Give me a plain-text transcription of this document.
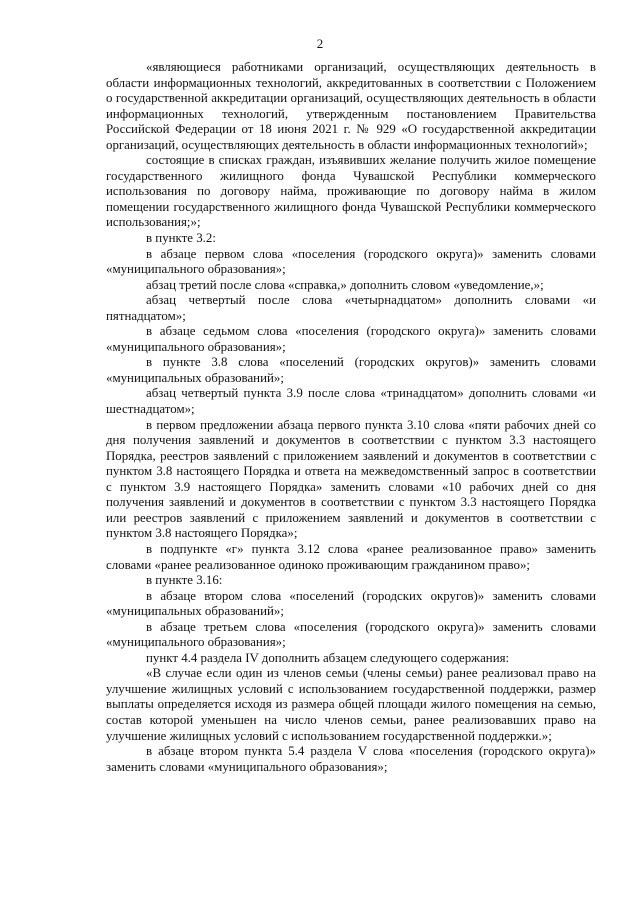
2

«являющиеся работниками организаций, осуществляющих деятельность в области информационных технологий, аккредитованных в соответствии с Положением о государственной аккредитации организаций, осуществляющих деятельность в области информационных технологий, утвержденным постановлением Правительства Российской Федерации от 18 июня 2021 г. № 929 «О государственной аккредитации организаций, осуществляющих деятельность в области информационных технологий»;

состоящие в списках граждан, изъявивших желание получить жилое помещение государственного жилищного фонда Чувашской Республики коммерческого использования по договору найма, проживающие по договору найма в жилом помещении государственного жилищного фонда Чувашской Республики коммерческого использования;»;

в пункте 3.2:

в абзаце первом слова «поселения (городского округа)» заменить словами «муниципального образования»;

абзац третий после слова «справка,» дополнить словом «уведомление,»;

абзац четвертый после слова «четырнадцатом» дополнить словами «и пятнадцатом»;

в абзаце седьмом слова «поселения (городского округа)» заменить словами «муниципального образования»;

в пункте 3.8 слова «поселений (городских округов)» заменить словами «муниципальных образований»;

абзац четвертый пункта 3.9 после слова «тринадцатом» дополнить словами «и шестнадцатом»;

в первом предложении абзаца первого пункта 3.10 слова «пяти рабочих дней со дня получения заявлений и документов в соответствии с пунктом 3.3 настоящего Порядка, реестров заявлений с приложением заявлений и документов в соответствии с пунктом 3.8 настоящего Порядка и ответа на межведомственный запрос в соответствии с пунктом 3.9 настоящего Порядка» заменить словами «10 рабочих дней со дня получения заявлений и документов в соответствии с пунктом 3.3 настоящего Порядка или реестров заявлений с приложением заявлений и документов в соответствии с пунктом 3.8 настоящего Порядка»;

в подпункте «г» пункта 3.12 слова «ранее реализованное право» заменить словами «ранее реализованное одиноко проживающим гражданином право»;

в пункте 3.16:

в абзаце втором слова «поселений (городских округов)» заменить словами «муниципальных образований»;

в абзаце третьем слова «поселения (городского округа)» заменить словами «муниципального образования»;

пункт 4.4 раздела IV дополнить абзацем следующего содержания:

«В случае если один из членов семьи (члены семьи) ранее реализовал право на улучшение жилищных условий с использованием государственной поддержки, размер выплаты определяется исходя из размера общей площади жилого помещения на семью, состав которой уменьшен на число членов семьи, ранее реализовавших право на улучшение жилищных условий с использованием государственной поддержки.»;

в абзаце втором пункта 5.4 раздела V слова «поселения (городского округа)» заменить словами «муниципального образования»;
